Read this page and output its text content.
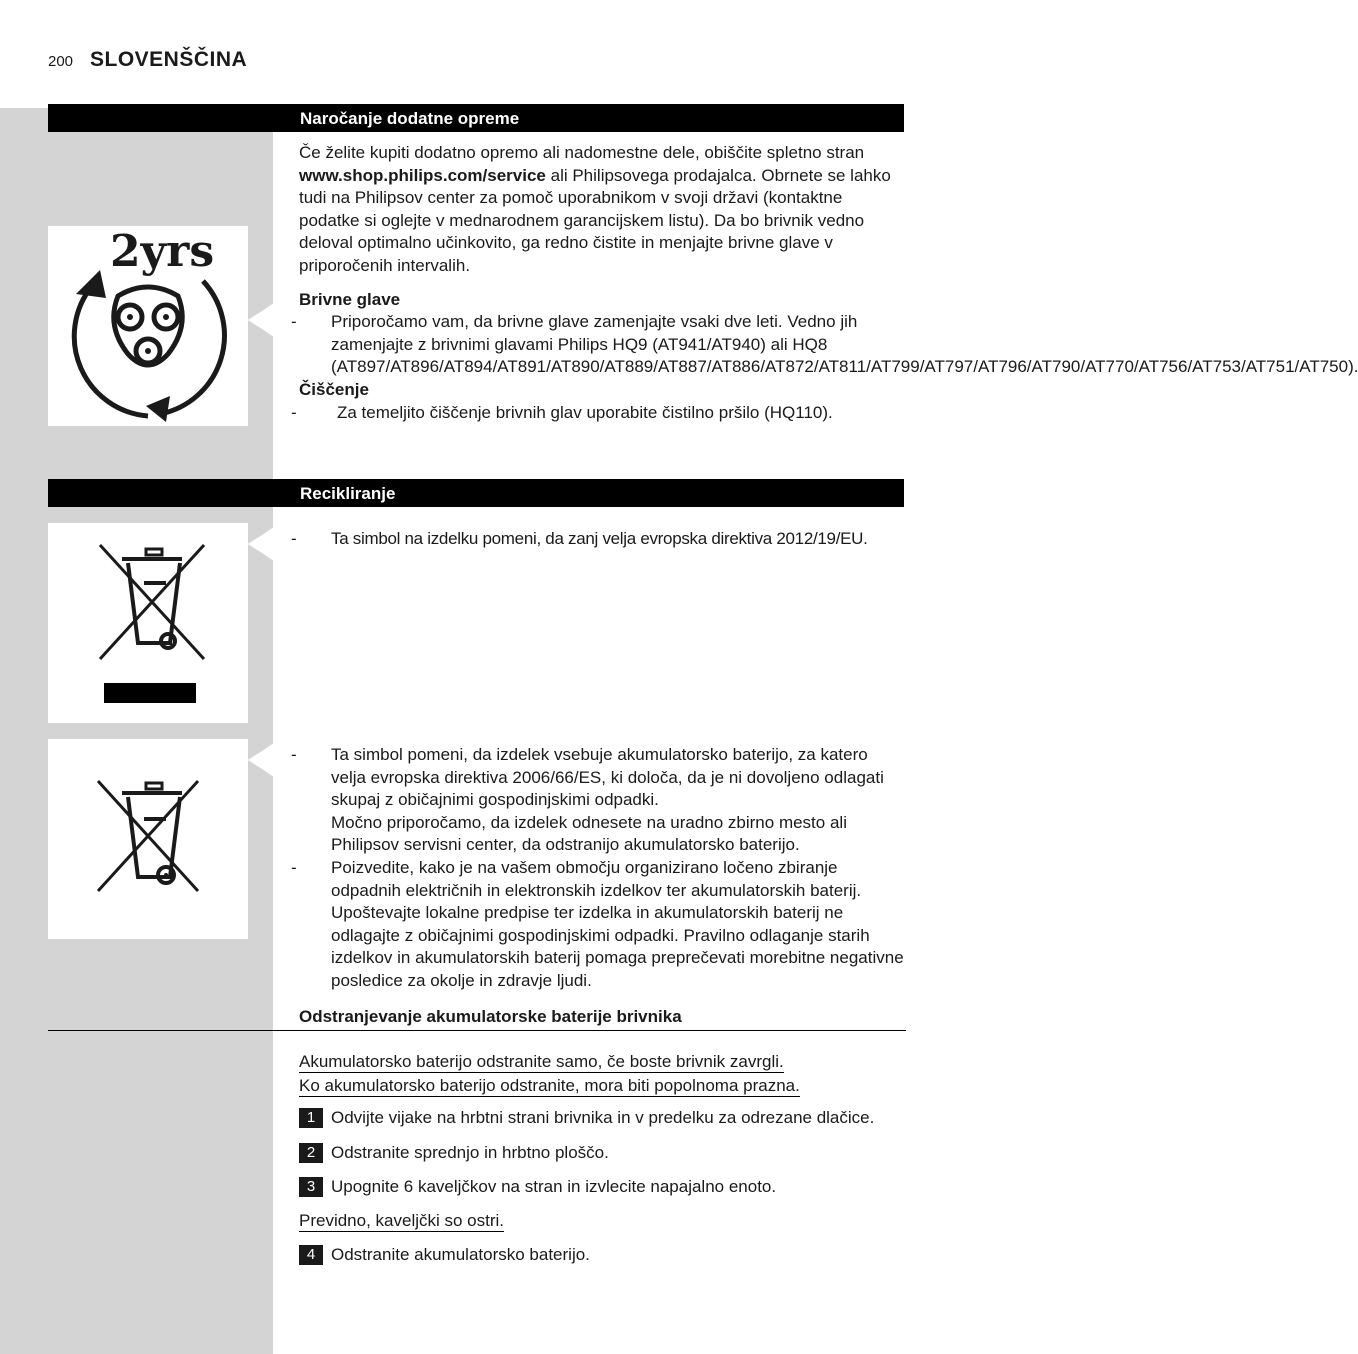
200 SLOVENŠČINA
Naročanje dodatne opreme
2yrs

Če želite kupiti dodatno opremo ali nadomestne dele, obiščite spletno stran www.shop.philips.com/service ali Philipsovega prodajalca. Obrnete se lahko tudi na Philipsov center za pomoč uporabnikom v svoji državi (kontaktne podatke si oglejte v mednarodnem garancijskem listu). Da bo brivnik vedno deloval optimalno učinkovito, ga redno čistite in menjajte brivne glave v priporočenih intervalih.

Brivne glave

- Priporočamo vam, da brivne glave zamenjajte vsaki dve leti. Vedno jih zamenjajte z brivnimi glavami Philips HQ9 (AT941/AT940) ali HQ8 (AT897/AT896/AT894/AT891/AT890/AT889/AT887/AT886/AT872/AT811/AT799/AT797/AT796/AT790/AT770/AT756/AT753/AT751/AT750).

Čiščenje

- Za temeljito čiščenje brivnih glav uporabite čistilno pršilo (HQ110).
Recikliranje
- Ta simbol na izdelku pomeni, da zanj velja evropska direktiva 2012/19/EU.
- Ta simbol pomeni, da izdelek vsebuje akumulatorsko baterijo, za katero velja evropska direktiva 2006/66/ES, ki določa, da je ni dovoljeno odlagati skupaj z običajnimi gospodinjskimi odpadki.
Močno priporočamo, da izdelek odnesete na uradno zbirno mesto ali Philipsov servisni center, da odstranijo akumulatorsko baterijo.
- Poizvedite, kako je na vašem območju organizirano ločeno zbiranje odpadnih električnih in elektronskih izdelkov ter akumulatorskih baterij. Upoštevajte lokalne predpise ter izdelka in akumulatorskih baterij ne odlagajte z običajnimi gospodinjskimi odpadki. Pravilno odlaganje starih izdelkov in akumulatorskih baterij pomaga preprečevati morebitne negativne posledice za okolje in zdravje ljudi.

Odstranjevanje akumulatorske baterije brivnika

Akumulatorsko baterijo odstranite samo, če boste brivnik zavrgli.

Ko akumulatorsko baterijo odstranite, mora biti popolnoma prazna.

1 Odvijte vijake na hrbtni strani brivnika in v predelku za odrezane dlačice.
2 Odstranite sprednjo in hrbtno ploščo.
3 Upognite 6 kaveljčkov na stran in izvlecite napajalno enoto.

Previdno, kaveljčki so ostri.

4 Odstranite akumulatorsko baterijo.
